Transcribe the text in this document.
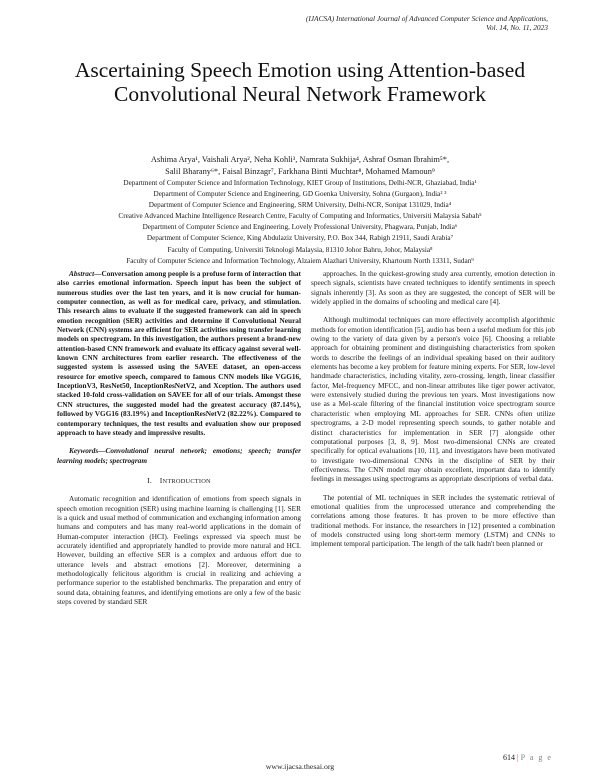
(IJACSA) International Journal of Advanced Computer Science and Applications,
Vol. 14, No. 11, 2023
Ascertaining Speech Emotion using Attention-based
Convolutional Neural Network Framework
Ashima Arya¹, Vaishali Arya², Neha Kohli³, Namrata Sukhija⁴, Ashraf Osman Ibrahim⁵*,
Salil Bharany⁶*, Faisal Binzagr⁷, Farkhana Binti Muchtar⁸, Mohamed Mamoun⁹
Department of Computer Science and Information Technology, KIET Group of Institutions, Delhi-NCR, Ghaziabad, India¹
Department of Computer Science and Engineering, GD Goenka University, Sohna (Gurgaon), India² ³
Department of Computer Science and Engineering, SRM University, Delhi-NCR, Sonipat 131029, India⁴
Creative Advanced Machine Intelligence Research Centre, Faculty of Computing and Informatics, Universiti Malaysia Sabah⁵
Department of Computer Science and Engineering, Lovely Professional University, Phagwara, Punjab, India⁶
Department of Computer Science, King Abdulaziz University, P.O. Box 344, Rabigh 21911, Saudi Arabia⁷
Faculty of Computing, Universiti Teknologi Malaysia, 81310 Johor Bahru, Johor, Malaysia⁸
Faculty of Computer Science and Information Technology, Alzaiem Alazhari University, Khartoum North 13311, Sudan⁹

Abstract—Conversation among people is a profuse form of interaction that also carries emotional information. Speech input has been the subject of numerous studies over the last ten years, and it is now crucial for human-computer connection, as well as for medical care, privacy, and stimulation. This research aims to evaluate if the suggested framework can aid in speech emotion recognition (SER) activities and determine if Convolutional Neural Network (CNN) systems are efficient for SER activities using transfer learning models on spectrogram. In this investigation, the authors present a brand-new attention-based CNN framework and evaluate its efficacy against several well-known CNN architectures from earlier research. The effectiveness of the suggested system is assessed using the SAVEE dataset, an open-access resource for emotive speech, compared to famous CNN models like VGG16, InceptionV3, ResNet50, InceptionResNetV2, and Xception. The authors used stacked 10-fold cross-validation on SAVEE for all of our trials. Amongst these CNN structures, the suggested model had the greatest accuracy (87.14%), followed by VGG16 (83.19%) and InceptionResNetV2 (82.22%). Compared to contemporary techniques, the test results and evaluation show our proposed approach to have steady and impressive results.

Keywords—Convolutional neural network; emotions; speech; transfer learning models; spectrogram

I.  INTRODUCTION

Automatic recognition and identification of emotions from speech signals in speech emotion recognition (SER) using machine learning is challenging [1]. SER is a quick and usual method of communication and exchanging information among humans and computers and has many real-world applications in the domain of Human-computer interaction (HCI). Feelings expressed via speech must be accurately identified and appropriately handled to provide more natural and HCI. However, building an effective SER is a complex and arduous effort due to utterance levels and abstract emotions [2]. Moreover, determining a methodologically felicitous algorithm is crucial in realizing and achieving a performance superior to the established benchmarks. The preparation and entry of sound data, obtaining features, and identifying emotions are only a few of the basic steps covered by standard SER

approaches. In the quickest-growing study area currently, emotion detection in speech signals, scientists have created techniques to identify sentiments in speech signals inherently [3]. As soon as they are suggested, the concept of SER will be widely applied in the domains of schooling and medical care [4].

Although multimodal techniques can more effectively accomplish algorithmic methods for emotion identification [5], audio has been a useful medium for this job owing to the variety of data given by a person's voice [6]. Choosing a reliable approach for obtaining prominent and distinguishing characteristics from spoken words to describe the feelings of an individual speaking based on their auditory elements has become a key problem for feature mining experts. For SER, low-level handmade characteristics, including vitality, zero-crossing, length, linear classifier factor, Mel-frequency MFCC, and non-linear attributes like tiger power activator, were extensively studied during the previous ten years. Most investigations now use as a Mel-scale filtering of the financial institution voice spectrogram source characteristic when employing ML approaches for SER. CNNs often utilize spectrograms, a 2-D model representing speech sounds, to gather notable and distinct characteristics for implementation in SER [7] alongside other computational purposes [3, 8, 9]. Most two-dimensional CNNs are created specifically for optical evaluations [10, 11], and investigators have been motivated to investigate two-dimensional CNNs in the discipline of SER by their effectiveness. The CNN model may obtain excellent, important data to identify feelings in messages using spectrograms as appropriate descriptions of verbal data.

The potential of ML techniques in SER includes the systematic retrieval of emotional qualities from the unprocessed utterance and comprehending the correlations among those features. It has proven to be more effective than traditional methods. For instance, the researchers in [12] presented a combination of models constructed using long short-term memory (LSTM) and CNNs to implement temporal participation. The length of the talk hadn't been planned or

614 | P a g e
www.ijacsa.thesai.org
